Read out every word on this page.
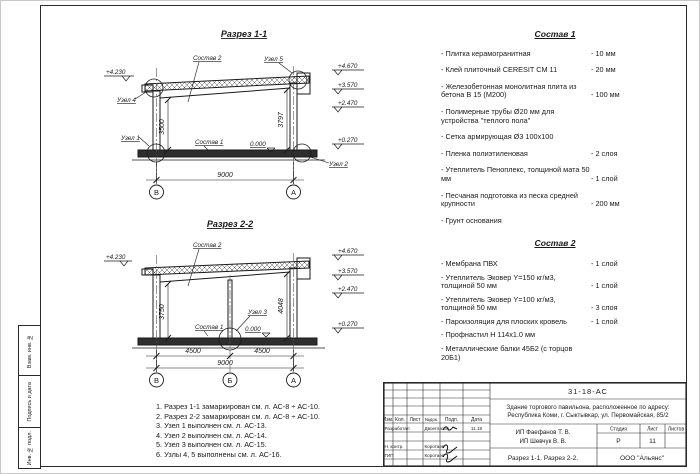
Взам. инв. №
Подпись и дата
Инв. № подл.
Разрез 1-1
+4.230
+4.670
+3.570
+2.470
+0.270
Состав 2	Узел 5
Узел 4
Узел 1
Узел 2
Состав 1	0.000
3500	3797
9000
В	А
Разрез 2-2
+4.230
+4.670
+3.570
+2.470
+0.270
Состав 2
Узел 3
Состав 1	0.000
3750	4048
4500	4500
9000
В	Б	А
1. Разрез 1-1 замаркирован см. л. АС-8 ÷ АС-10.
2. Разрез 2-2 замаркирован см. л. АС-8 ÷ АС-10.
3. Узел 1 выполнен см. л. АС-13.
4. Узел 2 выполнен см. л. АС-14.
5. Узел 3 выполнен см. л. АС-15.
6. Узлы 4, 5 выполнены см. л. АС-16.
Состав 1
- Плитка керамогранитная	- 10 мм
- Клей плиточный CERESIT СМ 11	- 20 мм
- Железобетонная монолитная плита из бетона В 15 (М200)	- 100 мм
- Полимерные трубы Ø20 мм для устройства "теплого пола"
- Сетка армирующая Ø3 100x100
- Пленка полиэтиленовая	- 2 слоя
- Утеплитель Пеноплекс, толщиной мата 50 мм	- 1 слой
- Песчаная подготовка из песка средней крупности	- 200 мм
- Грунт основания
Состав 2
- Мембрана ПВХ	- 1 слой
- Утеплитель Эковер Y=150 кг/м3, толщиной 50 мм	- 1 слой
- Утеплитель Эковер Y=100 кг/м3, толщиной 50 мм	- 3 слоя
- Пароизоляция для плоских кровель	- 1 слой
- Профнастил Н 114x1.0 мм
- Металлические балки 45Б2 (с торцов 20Б1)
31-18-АС
Здание торгового павильона, расположенное по адресу:
Республика Коми, г. Сыктывкар, ул. Первомайская, 85/2
Изм. Кол. Лист №док. Подп.	Дата
Разработал	Двоеглазов	11.19
Н. контр.	Коротаев
ГИП	Коротаев
ИП Фаефанов Т. В.
ИП Шевчук В. В.
Стадия	Лист Листов
Р	11
Разрез 1-1. Разрез 2-2.	ООО "Альянс"
